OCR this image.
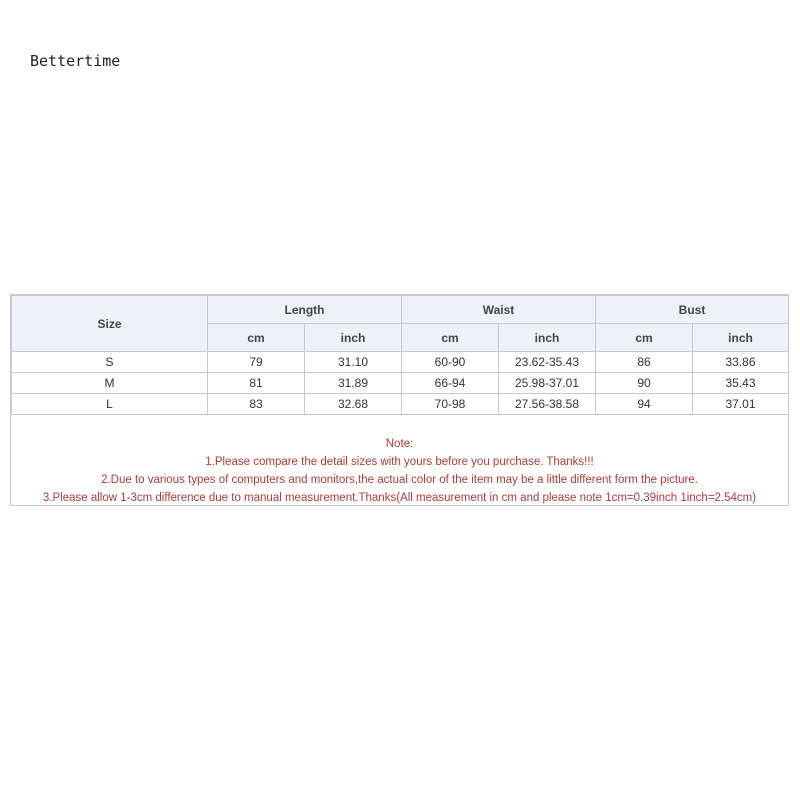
Bettertime
Size	Length		Waist		Bust	
	cm	inch	cm	inch	cm	inch
S	79	31.10	60-90	23.62-35.43	86	33.86
M	81	31.89	66-94	25.98-37.01	90	35.43
L	83	32.68	70-98	27.56-38.58	94	37.01
Note:
1.Please compare the detail sizes with yours before you purchase. Thanks!!!
2.Due to various types of computers and monitors,the actual color of the item may be a little different form the picture.
3.Please allow 1-3cm difference due to manual measurement.Thanks(All measurement in cm and please note 1cm=0.39inch 1inch=2.54cm)
